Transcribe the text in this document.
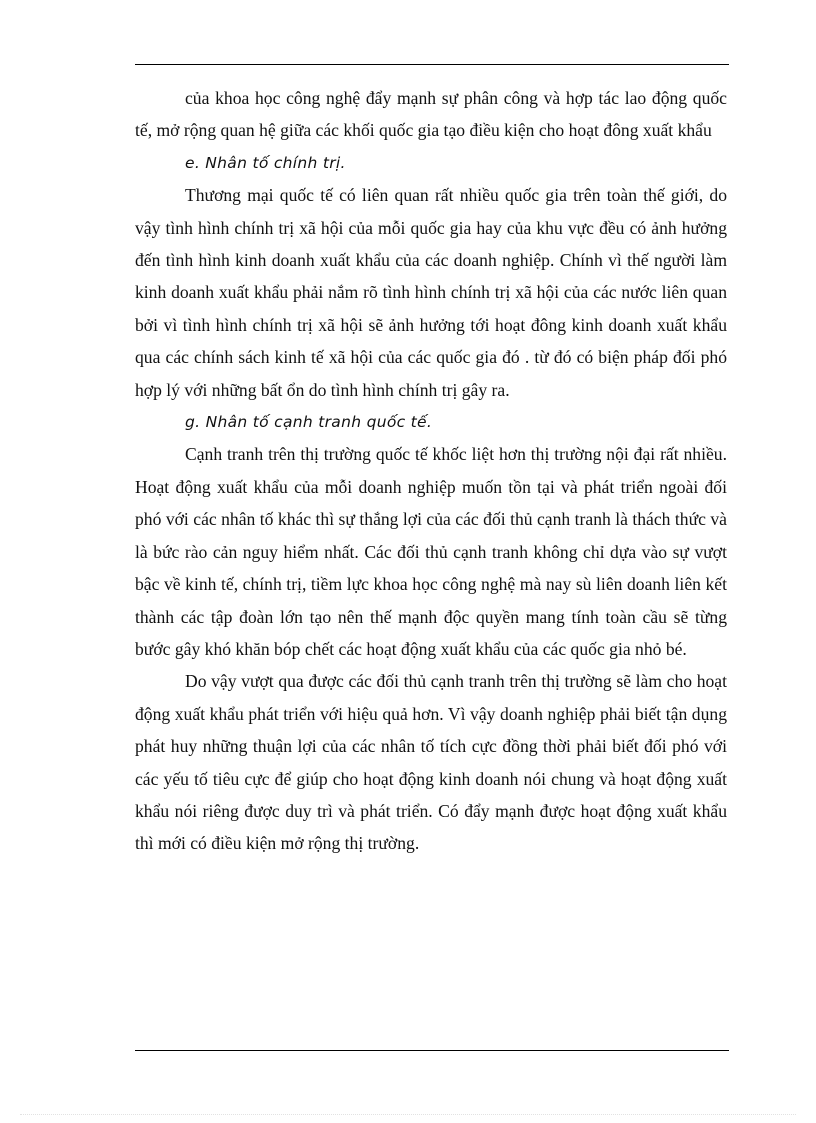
của khoa học công nghệ đẩy mạnh sự phân công và hợp tác lao động quốc tế, mở rộng quan hệ giữa các khối quốc gia tạo điều kiện cho hoạt đông xuất khẩu

e. Nhân tố chính trị.

Thương mại quốc tế có liên quan rất nhiều quốc gia trên toàn thế giới, do vậy tình hình chính trị xã hội của mỗi quốc gia hay của khu vực đều có ảnh hưởng đến tình hình kinh doanh xuất khẩu của các doanh nghiệp. Chính vì thế người làm kinh doanh xuất khẩu phải nắm rõ tình hình chính trị xã hội của các nước liên quan bởi vì tình hình chính trị xã hội sẽ ảnh hưởng tới hoạt đông kinh doanh xuất khẩu qua các chính sách kinh tế xã hội của các quốc gia đó . từ đó có biện pháp đối phó hợp lý với những bất ổn do tình hình chính trị gây ra.

g. Nhân tố cạnh tranh quốc tế.

Cạnh tranh trên thị trường quốc tế khốc liệt hơn thị trường nội đại rất nhiều. Hoạt động xuất khẩu của mỗi doanh nghiệp muốn tồn tại và phát triển ngoài đối phó với các nhân tố khác thì sự thắng lợi của các đối thủ cạnh tranh là thách thức và là bức rào cản nguy hiểm nhất. Các đối thủ cạnh tranh không chỉ dựa vào sự vượt bậc về kinh tế, chính trị, tiềm lực khoa học công nghệ mà nay sù liên doanh liên kết thành các tập đoàn lớn tạo nên thế mạnh độc quyền mang tính toàn cầu sẽ từng bước gây khó khăn bóp chết các hoạt động xuất khẩu của các quốc gia nhỏ bé.

Do vậy vượt qua được các đối thủ cạnh tranh trên thị trường sẽ làm cho hoạt động xuất khẩu phát triển với hiệu quả hơn. Vì vậy doanh nghiệp phải biết tận dụng phát huy những thuận lợi của các nhân tố tích cực đồng thời phải biết đối phó với các yếu tố tiêu cực để giúp cho hoạt động kinh doanh nói chung và hoạt động xuất khẩu nói riêng được duy trì và phát triển. Có đẩy mạnh được hoạt động xuất khẩu thì mới có điều kiện mở rộng thị trường.
